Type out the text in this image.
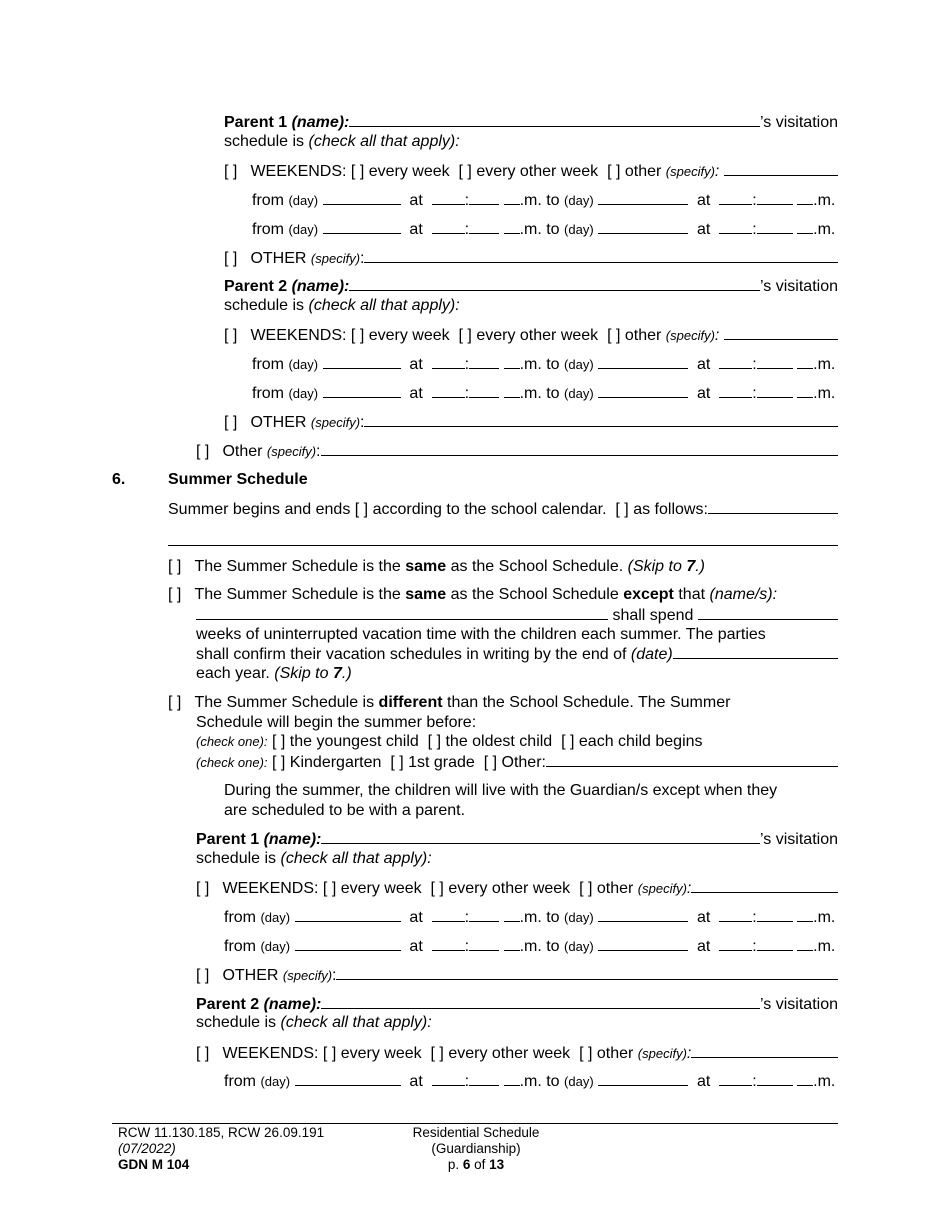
Parent 1
(name):	’s visitation
schedule is (check all that apply):
[ ]
WEEKENDS:
[ ]
every week
[ ]
every other week
[ ]
other
(specify) :

from
(day)

	at
	:
	.m. to
(day)

	at
	:
	.m.
from
(day)

	at
	:
	.m. to
(day)

	at
	:
	.m.
[ ]
OTHER
(specify) :
Parent 2
(name):	’s visitation
schedule is (check all that apply):
[ ]
WEEKENDS:
[ ]
every week
[ ]
every other week
[ ]
other
(specify) :

from
(day)

	at
	:
	.m. to
(day)

	at
	:
	.m.
from
(day)

	at
	:
	.m. to
(day)

	at
	:
	.m.
[ ]
OTHER
(specify) :
[ ]
Other
(specify) :
6.	Summer Schedule
Summer begins and ends
[ ]
according to the school calendar.
[ ]
as follows:
[ ] The Summer Schedule is the same as the School Schedule. (Skip to 7.)
[ ] The Summer Schedule is the same as the School Schedule except that (name/s):

shall spend

weeks of uninterrupted vacation time with the children each summer. The parties
shall confirm their vacation schedules in writing by the end of
(date)
each year. (Skip to 7.)
[ ] The Summer Schedule is different than the School Schedule. The Summer
Schedule will begin the summer before:
(check one): [ ] the youngest child [ ] the oldest child [ ] each child begins
(check one):
[ ]
Kindergarten
[ ]
1st grade
[ ]
Other:
During the summer, the children will live with the Guardian/s except when they
are scheduled to be with a parent.
Parent 1
(name):	’s visitation
schedule is (check all that apply):
[ ]
WEEKENDS:
[ ]
every week
[ ]
every other week
[ ]
other
(specify) :
from
(day)

	at
	:
	.m. to
(day)

	at
	:
	.m.
from
(day)

	at
	:
	.m. to
(day)

	at
	:
	.m.
[ ]
OTHER
(specify) :
Parent 2
(name):	’s visitation
schedule is (check all that apply):
[ ]
WEEKENDS:
[ ]
every week
[ ]
every other week
[ ]
other
(specify) :
from
(day)

	at
	:
	.m. to
(day)

	at
	:
	.m.
RCW 11.130.185, RCW 26.09.191
(07/2022)
GDN M 104
Residential Schedule
(Guardianship)
p. 6 of 13
